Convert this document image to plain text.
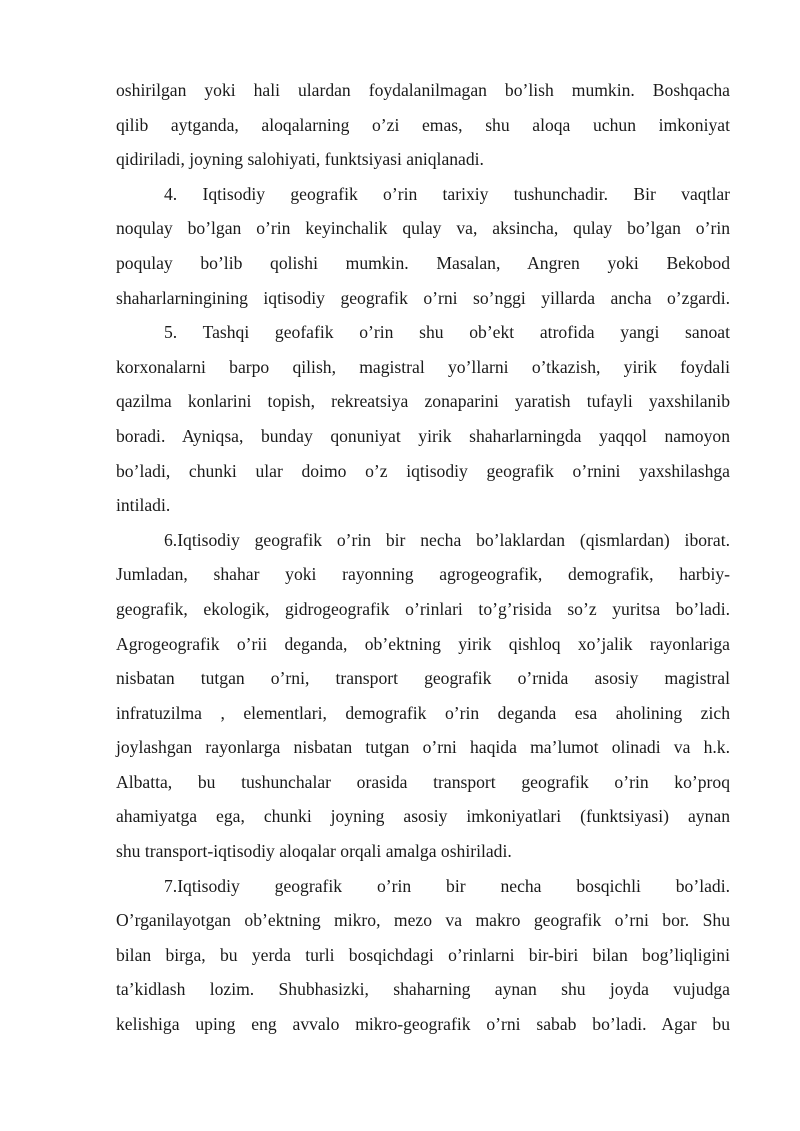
oshirilgan yoki hali ulardan foydalanilmagan bo’lish mumkin. Boshqacha
qilib aytganda, aloqalarning o’zi emas, shu aloqa uchun imkoniyat
qidiriladi, joyning salohiyati, funktsiyasi aniqlanadi.
4. Iqtisodiy geografik o’rin tarixiy tushunchadir. Bir vaqtlar
noqulay bo’lgan o’rin keyinchalik qulay va, aksincha, qulay bo’lgan o’rin
poqulay bo’lib qolishi mumkin. Masalan, Angren yoki Bekobod
shaharlarningining iqtisodiy geografik o’rni so’nggi yillarda ancha o’zgardi.
5. Tashqi geofafik o’rin shu ob’ekt atrofida yangi sanoat
korxonalarni barpo qilish, magistral yo’llarni o’tkazish, yirik foydali
qazilma konlarini topish, rekreatsiya zonaparini yaratish tufayli yaxshilanib
boradi. Ayniqsa, bunday qonuniyat yirik shaharlarningda yaqqol namoyon
bo’ladi, chunki ular doimo o’z iqtisodiy geografik o’rnini yaxshilashga
intiladi.
6.Iqtisodiy geografik o’rin bir necha bo’laklardan (qismlardan) iborat.
Jumladan, shahar yoki rayonning agrogeografik, demografik, harbiy-
geografik, ekologik, gidrogeografik o’rinlari to’g’risida so’z yuritsa bo’ladi.
Agrogeografik o’rii deganda, ob’ektning yirik qishloq xo’jalik rayonlariga
nisbatan tutgan o’rni, transport geografik o’rnida asosiy magistral
infratuzilma , elementlari, demografik o’rin deganda esa aholining zich
joylashgan rayonlarga nisbatan tutgan o’rni haqida ma’lumot olinadi va h.k.
Albatta, bu tushunchalar orasida transport geografik o’rin ko’proq
ahamiyatga ega, chunki joyning asosiy imkoniyatlari (funktsiyasi) aynan
shu transport-iqtisodiy aloqalar orqali amalga oshiriladi.
7.Iqtisodiy geografik o’rin bir necha bosqichli bo’ladi.
O’rganilayotgan ob’ektning mikro, mezo va makro geografik o’rni bor. Shu
bilan birga, bu yerda turli bosqichdagi o’rinlarni bir-biri bilan bog’liqligini
ta’kidlash lozim. Shubhasizki, shaharning aynan shu joyda vujudga
kelishiga uping eng avvalo mikro-geografik o’rni sabab bo’ladi. Agar bu
